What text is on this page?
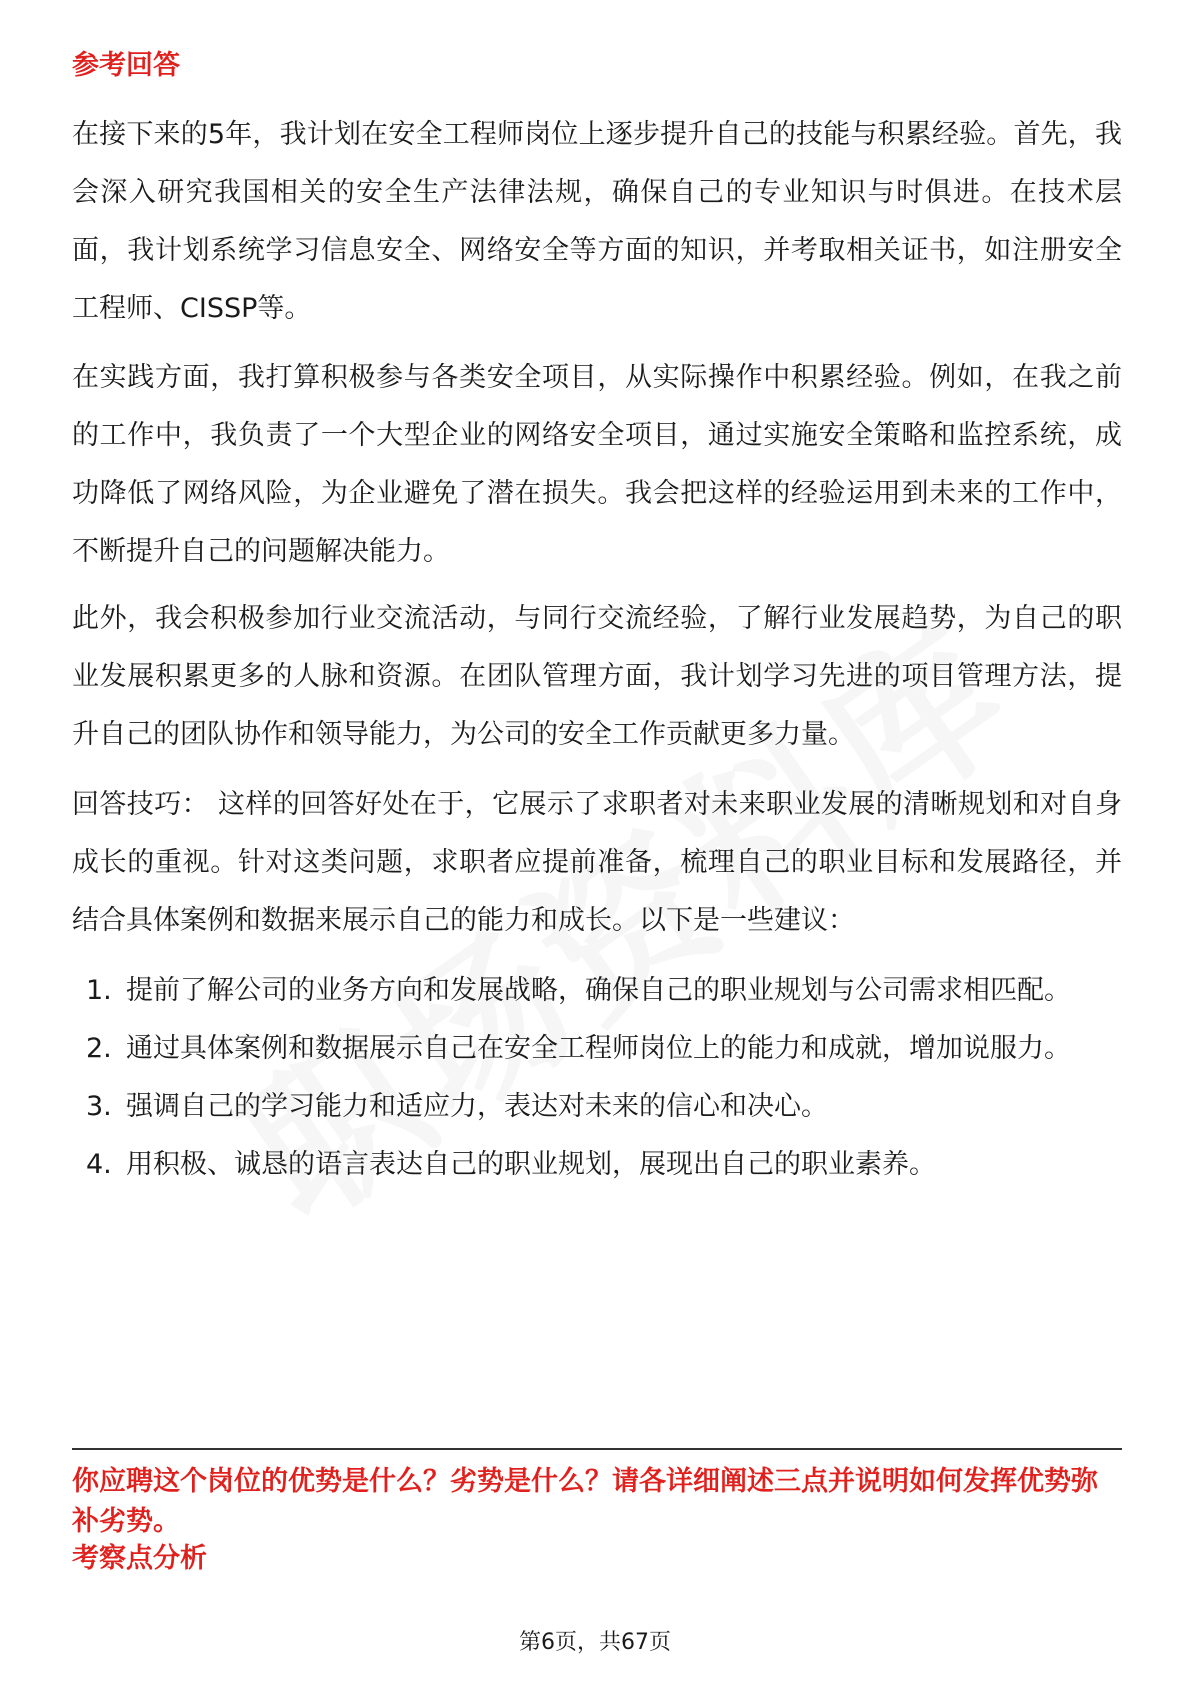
参考回答

在接下来的5年，我计划在安全工程师岗位上逐步提升自己的技能与积累经验。首先，我会深入研究我国相关的安全生产法律法规，确保自己的专业知识与时俱进。在技术层面，我计划系统学习信息安全、网络安全等方面的知识，并考取相关证书，如注册安全工程师、CISSP等。

在实践方面，我打算积极参与各类安全项目，从实际操作中积累经验。例如，在我之前的工作中，我负责了一个大型企业的网络安全项目，通过实施安全策略和监控系统，成功降低了网络风险，为企业避免了潜在损失。我会把这样的经验运用到未来的工作中，不断提升自己的问题解决能力。

此外，我会积极参加行业交流活动，与同行交流经验，了解行业发展趋势，为自己的职业发展积累更多的人脉和资源。在团队管理方面，我计划学习先进的项目管理方法，提升自己的团队协作和领导能力，为公司的安全工作贡献更多力量。

回答技巧： 这样的回答好处在于，它展示了求职者对未来职业发展的清晰规划和对自身成长的重视。针对这类问题，求职者应提前准备，梳理自己的职业目标和发展路径，并结合具体案例和数据来展示自己的能力和成长。以下是一些建议：

1. 提前了解公司的业务方向和发展战略，确保自己的职业规划与公司需求相匹配。
2. 通过具体案例和数据展示自己在安全工程师岗位上的能力和成就，增加说服力。
3. 强调自己的学习能力和适应力，表达对未来的信心和决心。
4. 用积极、诚恳的语言表达自己的职业规划，展现出自己的职业素养。
你应聘这个岗位的优势是什么？劣势是什么？请各详细阐述三点并说明如何发挥优势弥补劣势。
考察点分析
第6页，共67页
